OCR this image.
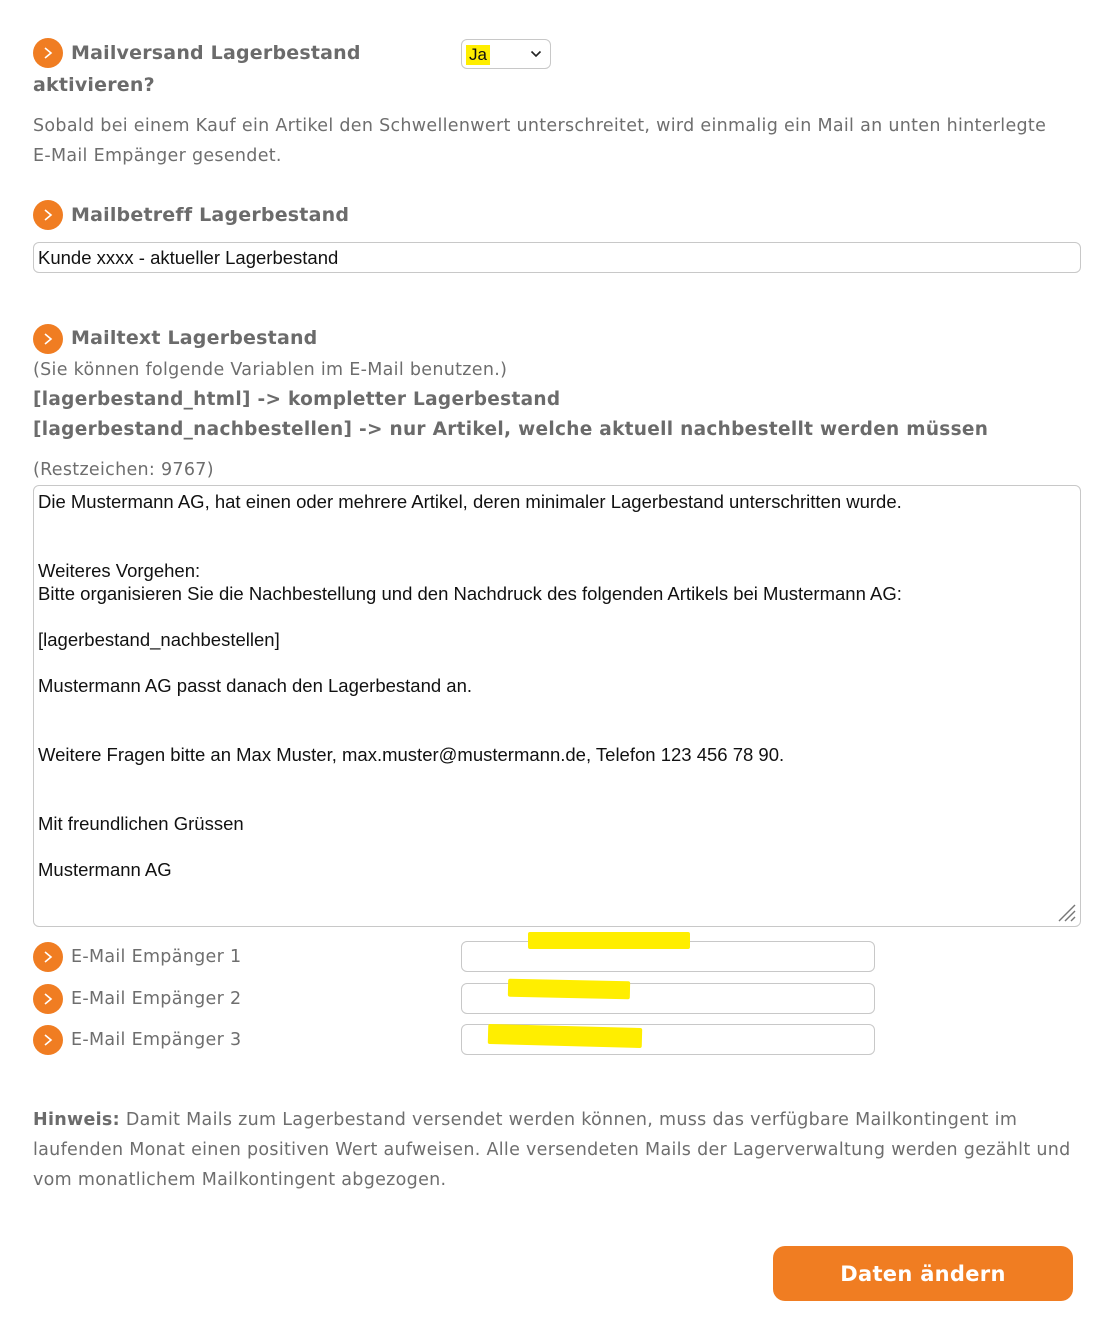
Mailversand Lagerbestand
aktivieren?
Ja
Sobald bei einem Kauf ein Artikel den Schwellenwert unterschreitet, wird einmalig ein Mail an unten hinterlegte
E-Mail Empänger gesendet.
Mailbetreff Lagerbestand
Kunde xxxx - aktueller Lagerbestand
Mailtext Lagerbestand
(Sie können folgende Variablen im E-Mail benutzen.)
[lagerbestand_html] -> kompletter Lagerbestand
[lagerbestand_nachbestellen] -> nur Artikel, welche aktuell nachbestellt werden müssen
(Restzeichen: 9767)
Die Mustermann AG, hat einen oder mehrere Artikel, deren minimaler Lagerbestand unterschritten wurde.

Weiteres Vorgehen:
Bitte organisieren Sie die Nachbestellung und den Nachdruck des folgenden Artikels bei Mustermann AG:

[lagerbestand_nachbestellen]

Mustermann AG passt danach den Lagerbestand an.

Weitere Fragen bitte an Max Muster, max.muster@mustermann.de, Telefon 123 456 78 90.

Mit freundlichen Grüssen

Mustermann AG
E-Mail Empänger 1
E-Mail Empänger 2
E-Mail Empänger 3
Hinweis: Damit Mails zum Lagerbestand versendet werden können, muss das verfügbare Mailkontingent im laufenden Monat einen positiven Wert aufweisen. Alle versendeten Mails der Lagerverwaltung werden gezählt und vom monatlichem Mailkontingent abgezogen.
Daten ändern
